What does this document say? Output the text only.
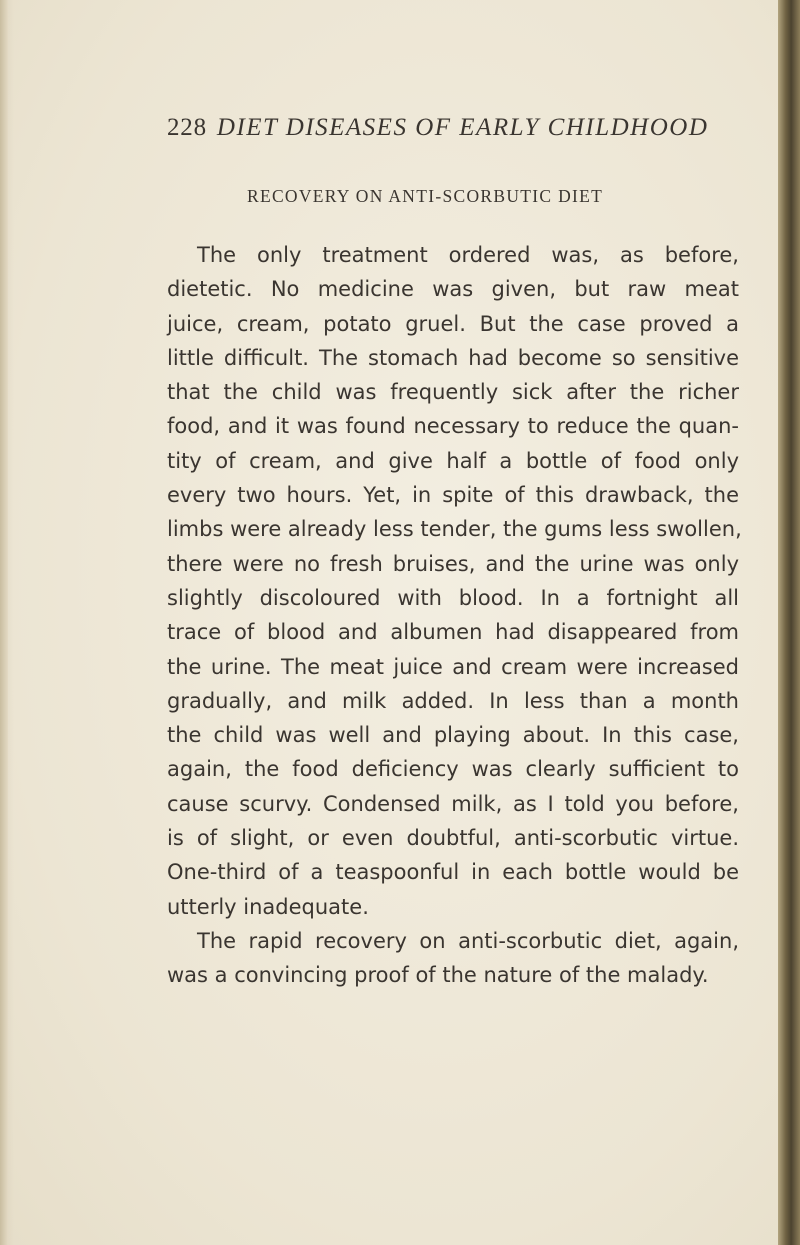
228 DIET DISEASES OF EARLY CHILDHOOD
RECOVERY ON ANTI-SCORBUTIC DIET
The only treatment ordered was, as before,
dietetic. No medicine was given, but raw meat
juice, cream, potato gruel. But the case proved a
little difficult. The stomach had become so sensitive
that the child was frequently sick after the richer
food, and it was found necessary to reduce the quan-
tity of cream, and give half a bottle of food only
every two hours. Yet, in spite of this drawback, the
limbs were already less tender, the gums less swollen,
there were no fresh bruises, and the urine was only
slightly discoloured with blood. In a fortnight all
trace of blood and albumen had disappeared from
the urine. The meat juice and cream were increased
gradually, and milk added. In less than a month
the child was well and playing about. In this case,
again, the food deficiency was clearly sufficient to
cause scurvy. Condensed milk, as I told you before,
is of slight, or even doubtful, anti-scorbutic virtue.
One-third of a teaspoonful in each bottle would be
utterly inadequate.
The rapid recovery on anti-scorbutic diet, again,
was a convincing proof of the nature of the malady.
